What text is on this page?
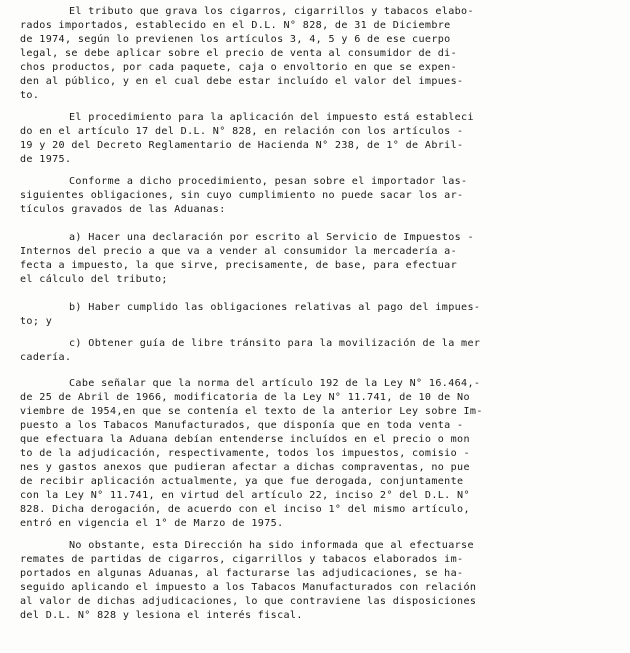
El tributo que grava los cigarros, cigarrillos y tabacos elabo-
rados importados, establecido en el D.L. N° 828, de 31 de Diciembre
de 1974, según lo previenen los artículos 3, 4, 5 y 6 de ese cuerpo
legal, se debe aplicar sobre el precio de venta al consumidor de di-
chos productos, por cada paquete, caja o envoltorio en que se expen-
den al público, y en el cual debe estar incluído el valor del impues-
to.
El procedimiento para la aplicación del impuesto está estableci
do en el artículo 17 del D.L. N° 828, en relación con los artículos -
19 y 20 del Decreto Reglamentario de Hacienda N° 238, de 1° de Abril-
de 1975.
Conforme a dicho procedimiento, pesan sobre el importador las-
siguientes obligaciones, sin cuyo cumplimiento no puede sacar los ar-
tículos gravados de las Aduanas:
a) Hacer una declaración por escrito al Servicio de Impuestos -
Internos del precio a que va a vender al consumidor la mercadería a-
fecta a impuesto, la que sirve, precisamente, de base, para efectuar
el cálculo del tributo;
b) Haber cumplido las obligaciones relativas al pago del impues-
to; y
c) Obtener guía de libre tránsito para la movilización de la mer
cadería.
Cabe señalar que la norma del artículo 192 de la Ley N° 16.464,-
de 25 de Abril de 1966, modificatoria de la Ley N° 11.741, de 10 de No
viembre de 1954,en que se contenía el texto de la anterior Ley sobre Im-
puesto a los Tabacos Manufacturados, que disponía que en toda venta -
que efectuara la Aduana debían entenderse incluídos en el precio o mon
to de la adjudicación, respectivamente, todos los impuestos, comisio -
nes y gastos anexos que pudieran afectar a dichas compraventas, no pue
de recibir aplicación actualmente, ya que fue derogada, conjuntamente
con la Ley N° 11.741, en virtud del artículo 22, inciso 2° del D.L. N°
828. Dicha derogación, de acuerdo con el inciso 1° del mismo artículo,
entró en vigencia el 1° de Marzo de 1975.
No obstante, esta Dirección ha sido informada que al efectuarse
remates de partidas de cigarros, cigarrillos y tabacos elaborados im-
portados en algunas Aduanas, al facturarse las adjudicaciones, se ha-
seguido aplicando el impuesto a los Tabacos Manufacturados con relación
al valor de dichas adjudicaciones, lo que contraviene las disposiciones
del D.L. N° 828 y lesiona el interés fiscal.
